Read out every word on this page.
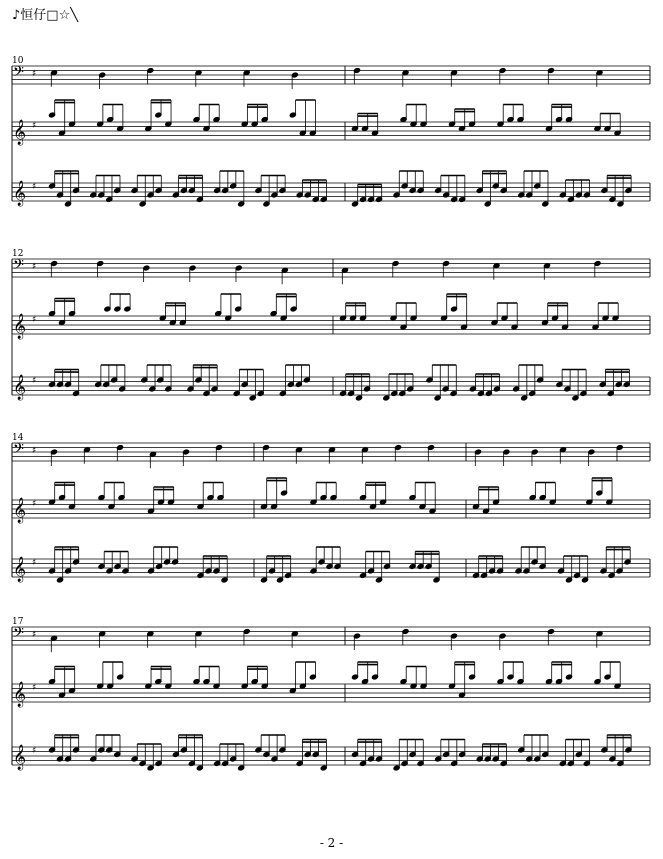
♪恒仔□☆╲
𝄢 ♯
𝄞 ♯
𝄞 ♯
10
𝄢 ♯
𝄞 ♯
𝄞 ♯
12
𝄢 ♯
𝄞 ♯
𝄞 ♯
14
𝄢 ♯
𝄞 ♯
𝄞 ♯
17
- 2 -
